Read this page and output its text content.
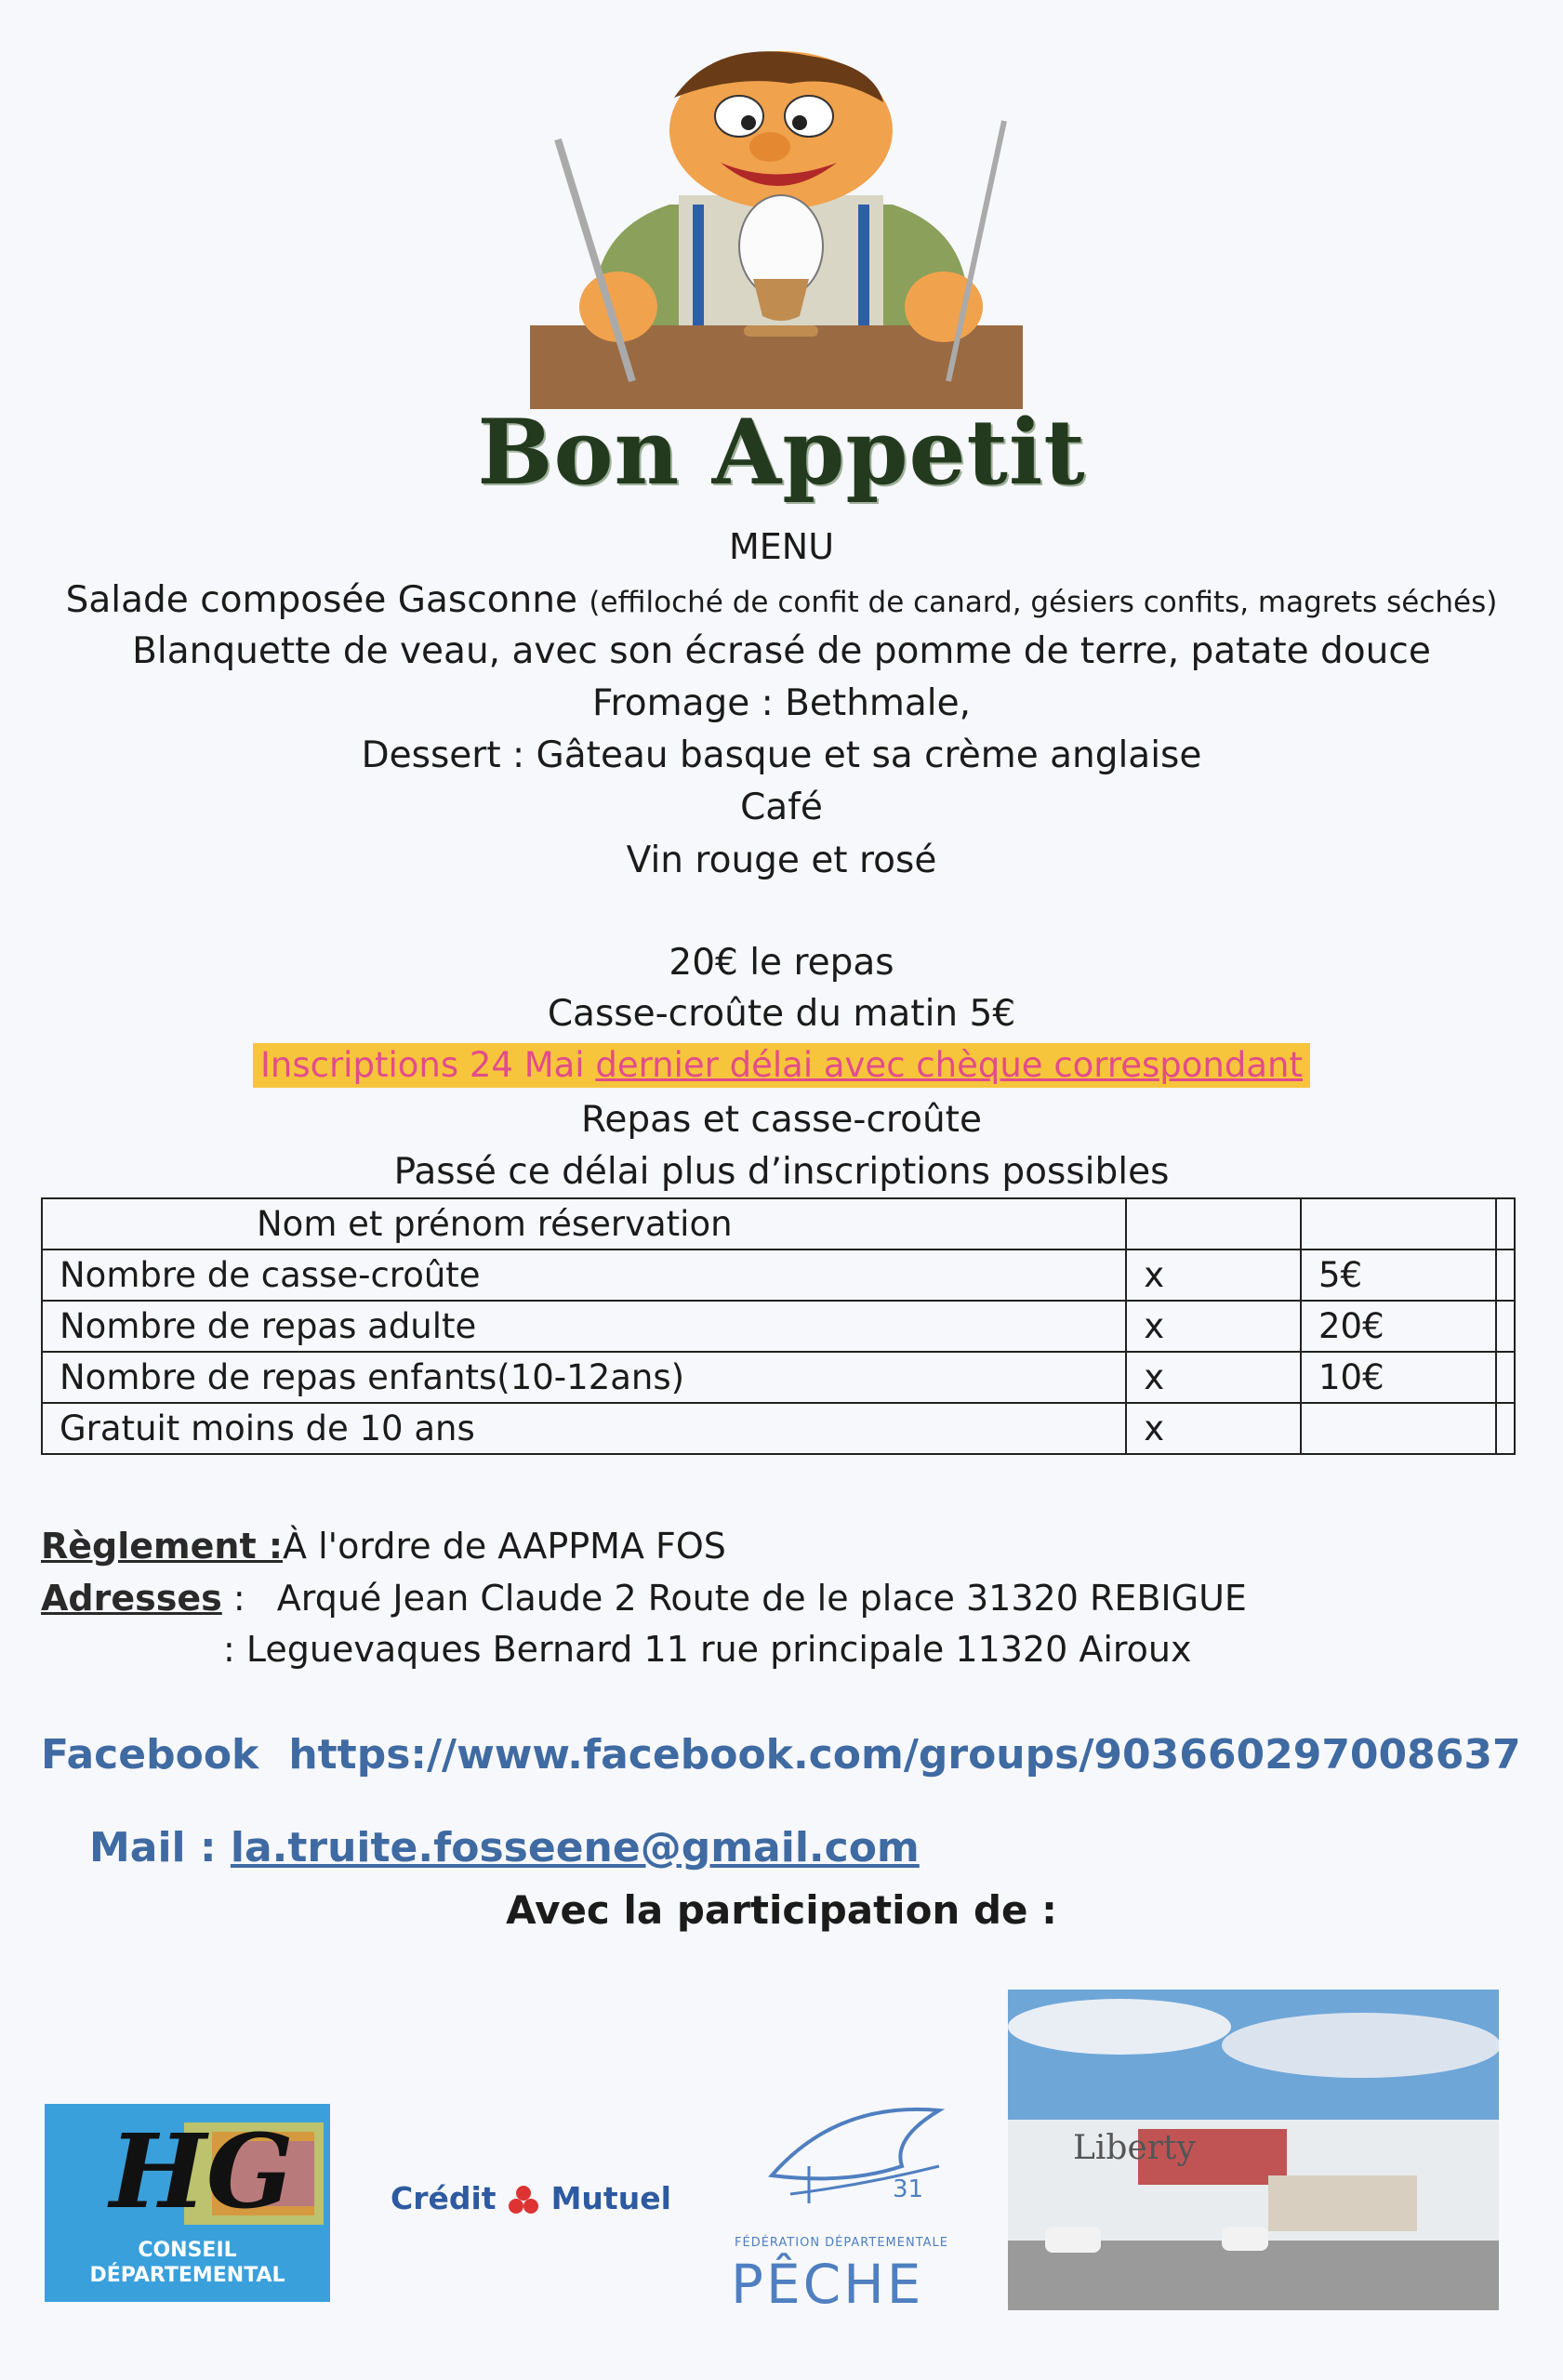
Bon Appetit
MENU
Salade composée Gasconne (effiloché de confit de canard, gésiers confits, magrets séchés)
Blanquette de veau, avec son écrasé de pomme de terre, patate douce
Fromage : Bethmale,
Dessert : Gâteau basque et sa crème anglaise
Café
Vin rouge et rosé
20€ le repas
Casse-croûte du matin 5€
Inscriptions 24 Mai dernier délai avec chèque correspondant
Repas et casse-croûte
Passé ce délai plus d’inscriptions possibles
Nom et prénom réservation			
Nombre de casse-croûte	x	5€	
Nombre de repas adulte	x	20€	
Nombre de repas enfants(10-12ans)	x	10€	
Gratuit moins de 10 ans	x		
Règlement :À l'ordre de AAPPMA FOS
Adresses : Arqué Jean Claude 2 Route de le place 31320 REBIGUE
: Leguevaques Bernard 11 rue principale 11320 Airoux
Facebook https://www.facebook.com/groups/903660297008637
Mail : la.truite.fosseene@gmail.com
Avec la participation de :
HG
CONSEIL
DÉPARTEMENTAL
Crédit Mutuel	31
FÉDÉRATION DÉPARTEMENTALE
PÊCHE
Liberty
